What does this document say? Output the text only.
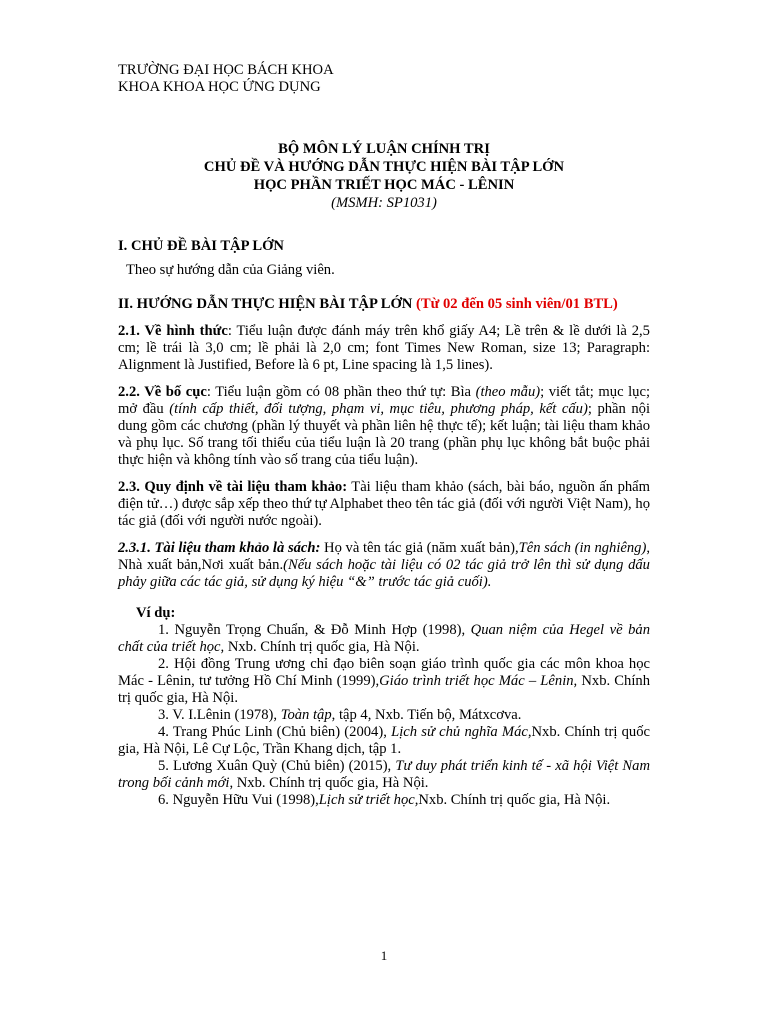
TRƯỜNG ĐẠI HỌC BÁCH KHOA

KHOA KHOA HỌC ỨNG DỤNG

BỘ MÔN LÝ LUẬN CHÍNH TRỊ

CHỦ ĐỀ VÀ HƯỚNG DẪN THỰC HIỆN BÀI TẬP LỚN

HỌC PHẦN TRIẾT HỌC MÁC - LÊNIN

(MSMH: SP1031)

I. CHỦ ĐỀ BÀI TẬP LỚN

Theo sự hướng dẫn của Giảng viên.

II. HƯỚNG DẪN THỰC HIỆN BÀI TẬP LỚN (Từ 02 đến 05 sinh viên/01 BTL)

2.1. Về hình thức: Tiểu luận được đánh máy trên khổ giấy A4; Lề trên & lề dưới là 2,5 cm; lề trái là 3,0 cm; lề phải là 2,0 cm; font Times New Roman, size 13; Paragraph: Alignment là Justified, Before là 6 pt, Line spacing là 1,5 lines).

2.2. Về bố cục: Tiểu luận gồm có 08 phần theo thứ tự: Bìa (theo mẫu); viết tắt; mục lục; mở đầu (tính cấp thiết, đối tượng, phạm vi, mục tiêu, phương pháp, kết cấu); phần nội dung gồm các chương (phần lý thuyết và phần liên hệ thực tế); kết luận; tài liệu tham khảo và phụ lục. Số trang tối thiểu của tiểu luận là 20 trang (phần phụ lục không bắt buộc phải thực hiện và không tính vào số trang của tiểu luận).

2.3. Quy định về tài liệu tham khảo: Tài liệu tham khảo (sách, bài báo, nguồn ấn phẩm điện tử…) được sắp xếp theo thứ tự Alphabet theo tên tác giả (đối với người Việt Nam), họ tác giả (đối với người nước ngoài).

2.3.1. Tài liệu tham khảo là sách: Họ và tên tác giả (năm xuất bản),Tên sách (in nghiêng), Nhà xuất bản,Nơi xuất bản.(Nếu sách hoặc tài liệu có 02 tác giả trở lên thì sử dụng dấu phảy giữa các tác giả, sử dụng ký hiệu “&” trước tác giả cuối).

Ví dụ:

1. Nguyễn Trọng Chuẩn, & Đỗ Minh Hợp (1998), Quan niệm của Hegel về bản chất của triết học, Nxb. Chính trị quốc gia, Hà Nội.

2. Hội đồng Trung ương chỉ đạo biên soạn giáo trình quốc gia các môn khoa học Mác - Lênin, tư tưởng Hồ Chí Minh (1999),Giáo trình triết học Mác – Lênin, Nxb. Chính trị quốc gia, Hà Nội.

3. V. I.Lênin (1978), Toàn tập, tập 4, Nxb. Tiến bộ, Mátxcơva.

4. Trang Phúc Linh (Chủ biên) (2004), Lịch sử chủ nghĩa Mác,Nxb. Chính trị quốc gia, Hà Nội, Lê Cự Lộc, Trần Khang dịch, tập 1.

5. Lương Xuân Quỳ (Chủ biên) (2015), Tư duy phát triển kinh tế - xã hội Việt Nam trong bối cảnh mới, Nxb. Chính trị quốc gia, Hà Nội.

6. Nguyễn Hữu Vui (1998),Lịch sử triết học,Nxb. Chính trị quốc gia, Hà Nội.

1
